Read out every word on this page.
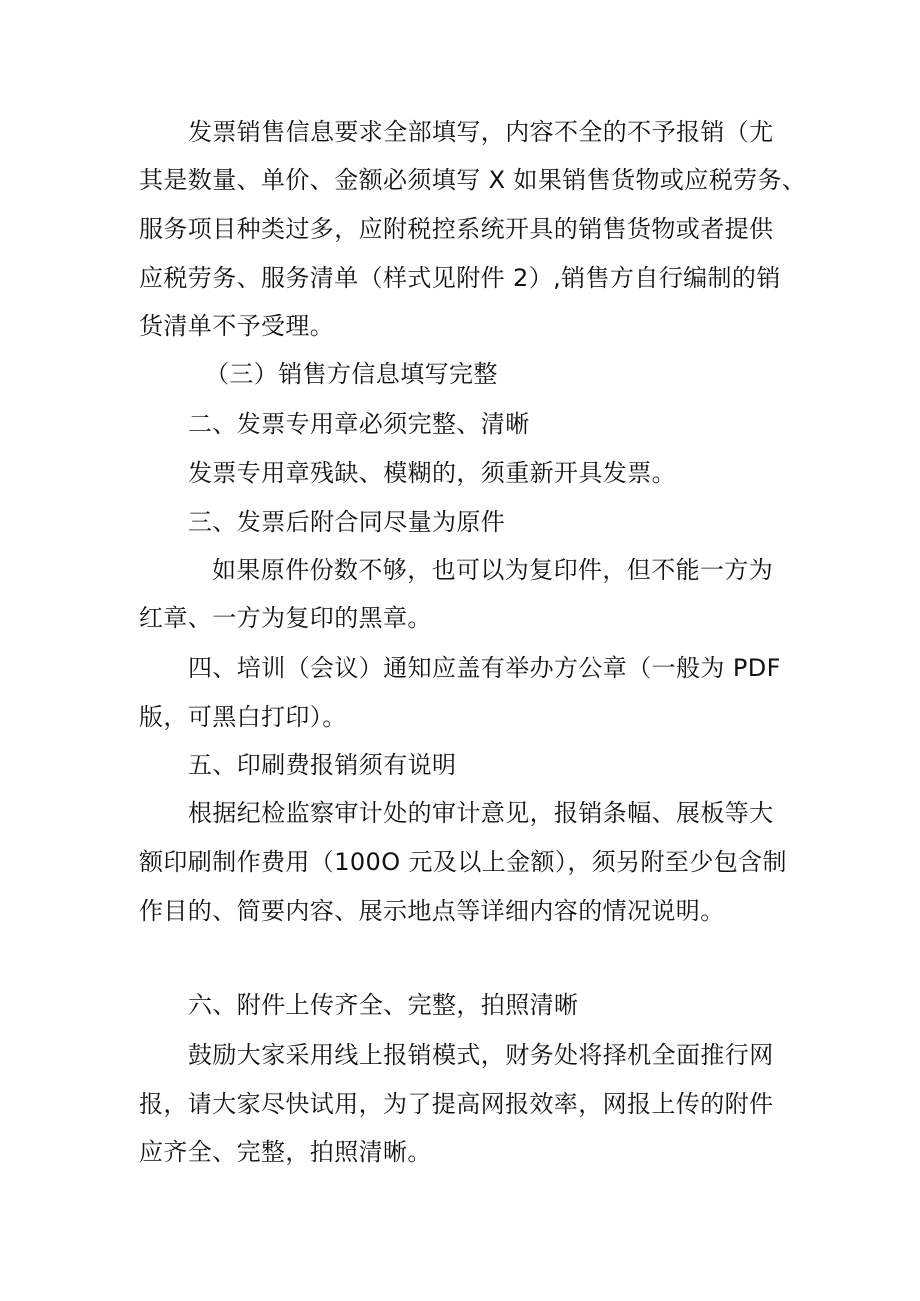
发票销售信息要求全部填写，内容不全的不予报销（尤
其是数量、单价、金额必须填写 X 如果销售货物或应税劳务、
服务项目种类过多，应附税控系统开具的销售货物或者提供
应税劳务、服务清单（样式见附件 2）,销售方自行编制的销
货清单不予受理。
（三）销售方信息填写完整
二、发票专用章必须完整、清晰
发票专用章残缺、模糊的，须重新开具发票。
三、发票后附合同尽量为原件
如果原件份数不够，也可以为复印件，但不能一方为
红章、一方为复印的黑章。
四、培训（会议）通知应盖有举办方公章（一般为 PDF
版，可黑白打印）。
五、印刷费报销须有说明
根据纪检监察审计处的审计意见，报销条幅、展板等大
额印刷制作费用（100O 元及以上金额），须另附至少包含制
作目的、简要内容、展示地点等详细内容的情况说明。
六、附件上传齐全、完整，拍照清晰
鼓励大家采用线上报销模式，财务处将择机全面推行网
报，请大家尽快试用，为了提高网报效率，网报上传的附件
应齐全、完整，拍照清晰。
